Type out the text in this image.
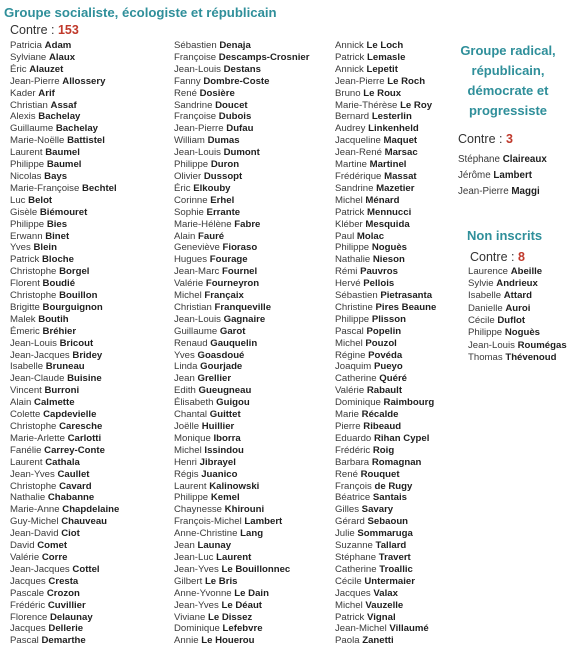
Groupe socialiste, écologiste et républicain
Contre : 153
Patricia Adam
Sylviane Alaux
Éric Alauzet
Jean-Pierre Allossery
Kader Arif
Christian Assaf
Alexis Bachelay
Guillaume Bachelay
Marie-Noëlle Battistel
Laurent Baumel
Philippe Baumel
Nicolas Bays
Marie-Françoise Bechtel
Luc Belot
Gisèle Biémouret
Philippe Bies
Erwann Binet
Yves Blein
Patrick Bloche
Christophe Borgel
Florent Boudié
Christophe Bouillon
Brigitte Bourguignon
Malek Boutih
Émeric Bréhier
Jean-Louis Bricout
Jean-Jacques Bridey
Isabelle Bruneau
Jean-Claude Buisine
Vincent Burroni
Alain Calmette
Colette Capdevielle
Christophe Caresche
Marie-Arlette Carlotti
Fanélie Carrey-Conte
Laurent Cathala
Jean-Yves Caullet
Christophe Cavard
Nathalie Chabanne
Marie-Anne Chapdelaine
Guy-Michel Chauveau
Jean-David Ciot
David Comet
Valérie Corre
Jean-Jacques Cottel
Jacques Cresta
Pascale Crozon
Frédéric Cuvillier
Florence Delaunay
Jacques Dellerie
Pascal Demarthe
Sébastien Denaja
Françoise Descamps-Crosnier
Jean-Louis Destans
Fanny Dombre-Coste
René Dosière
Sandrine Doucet
Françoise Dubois
Jean-Pierre Dufau
William Dumas
Jean-Louis Dumont
Philippe Duron
Olivier Dussopt
Éric Elkouby
Corinne Erhel
Sophie Errante
Marie-Hélène Fabre
Alain Fauré
Geneviève Fioraso
Hugues Fourage
Jean-Marc Fournel
Valérie Fourneyron
Michel Françaix
Christian Franqueville
Jean-Louis Gagnaire
Guillaume Garot
Renaud Gauquelin
Yves Goasdoué
Linda Gourjade
Jean Grellier
Edith Gueugneau
Élisabeth Guigou
Chantal Guittet
Joëlle Huillier
Monique Iborra
Michel Issindou
Henri Jibrayel
Régis Juanico
Laurent Kalinowski
Philippe Kemel
Chaynesse Khirouni
François-Michel Lambert
Anne-Christine Lang
Jean Launay
Jean-Luc Laurent
Jean-Yves Le Bouillonnec
Gilbert Le Bris
Anne-Yvonne Le Dain
Jean-Yves Le Déaut
Viviane Le Dissez
Dominique Lefebvre
Annie Le Houerou
Annick Le Loch
Patrick Lemasle
Annick Lepetit
Jean-Pierre Le Roch
Bruno Le Roux
Marie-Thérèse Le Roy
Bernard Lesterlin
Audrey Linkenheld
Jacqueline Maquet
Jean-René Marsac
Martine Martinel
Frédérique Massat
Sandrine Mazetier
Michel Ménard
Patrick Mennucci
Kléber Mesquida
Paul Molac
Philippe Noguès
Nathalie Nieson
Rémi Pauvros
Hervé Pellois
Sébastien Pietrasanta
Christine Pires Beaune
Philippe Plisson
Pascal Popelin
Michel Pouzol
Régine Povéda
Joaquim Pueyo
Catherine Quéré
Valérie Rabault
Dominique Raimbourg
Marie Récalde
Pierre Ribeaud
Eduardo Rihan Cypel
Frédéric Roig
Barbara Romagnan
René Rouquet
François de Rugy
Béatrice Santais
Gilles Savary
Gérard Sebaoun
Julie Sommaruga
Suzanne Tallard
Stéphane Travert
Catherine Troallic
Cécile Untermaier
Jacques Valax
Michel Vauzelle
Patrick Vignal
Jean-Michel Villaumé
Paola Zanetti
Groupe radical,
républicain,
démocrate et
progressiste
Contre : 3
Stéphane Claireaux
Jérôme Lambert
Jean-Pierre Maggi
Non inscrits
Contre : 8
Laurence Abeille
Sylvie Andrieux
Isabelle Attard
Danielle Auroi
Cécile Duflot
Philippe Noguès
Jean-Louis Roumégas
Thomas Thévenoud
